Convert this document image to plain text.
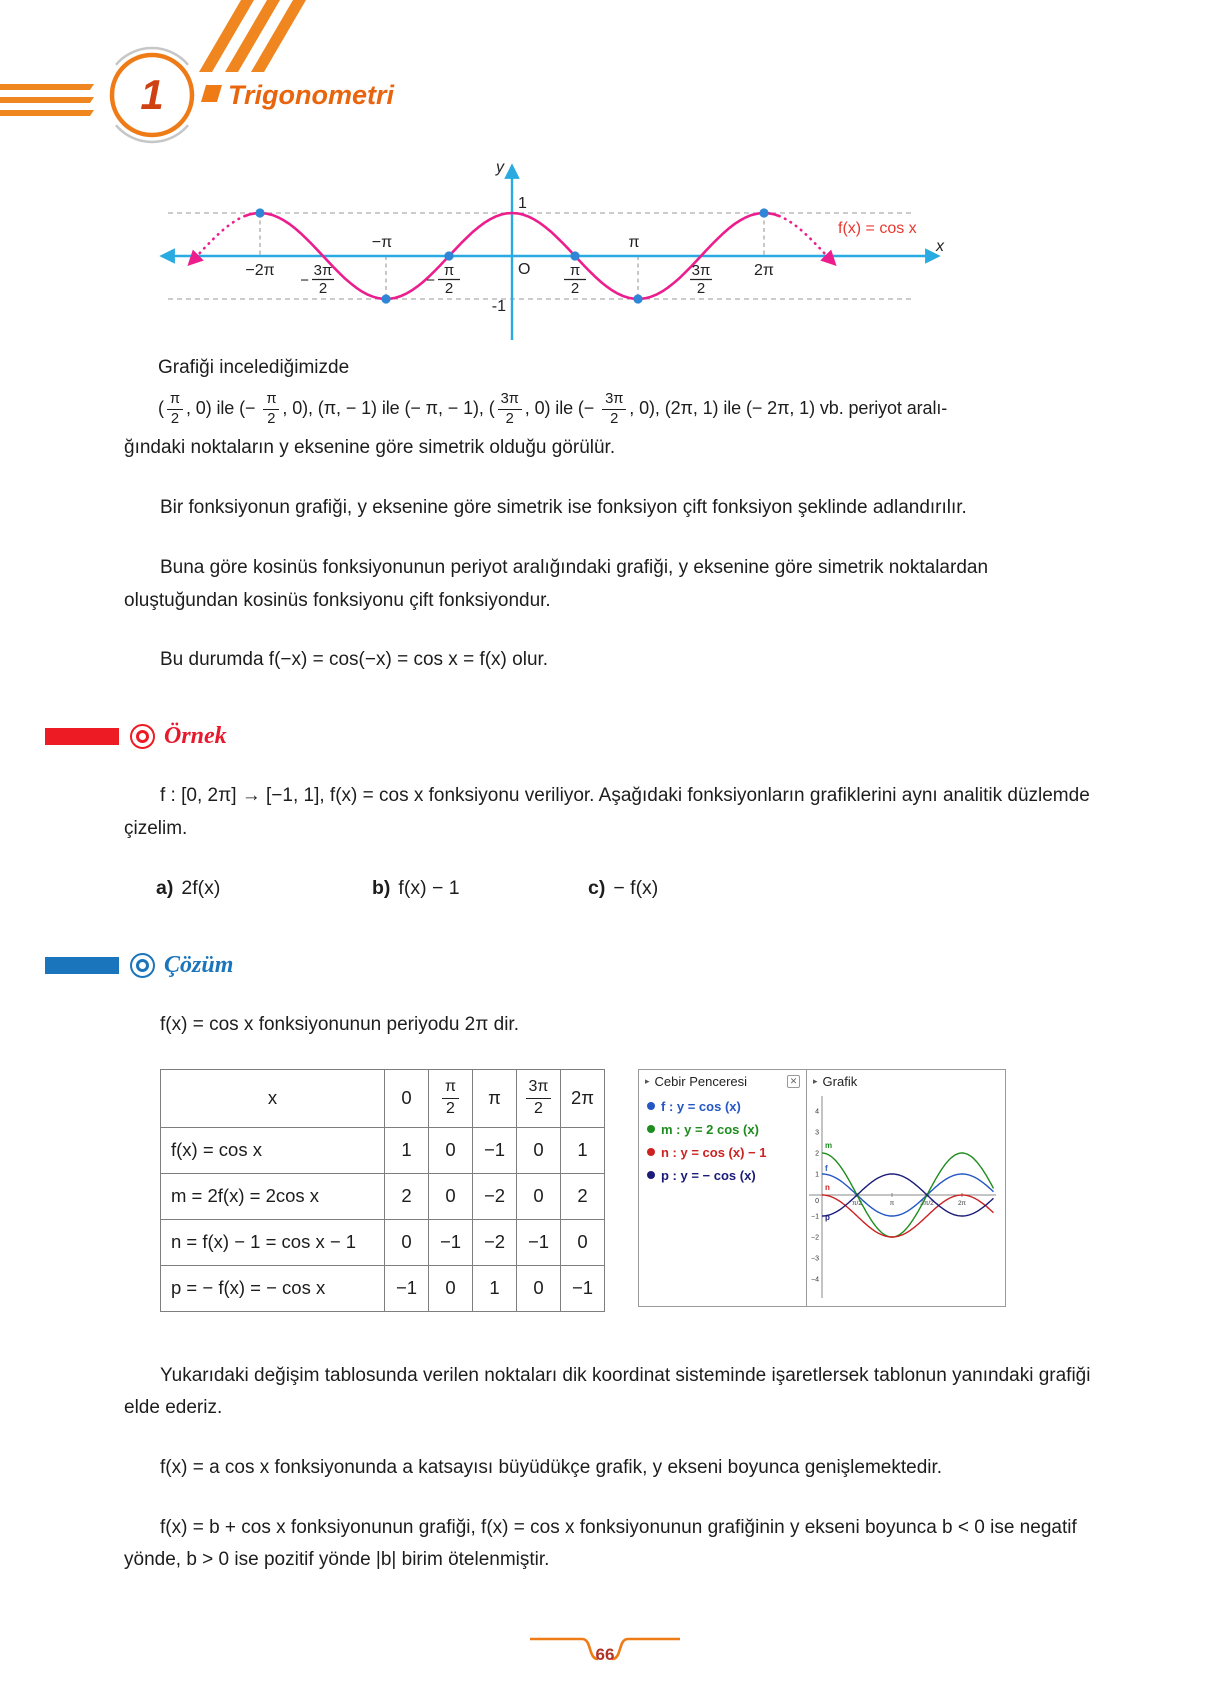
1 Trigonometri
y
x
O
1
-1
−2π
−π	π
2π
f(x) = cos x
−
3π
2	−
π
2
π
2
3π
2
Grafiği incelediğimizde
( $\frac{\pi}{2}$ , 0) ile (− $\frac{\pi}{2}$ , 0), (π, − 1) ile (− π, − 1), ( $\frac{3\pi}{2}$ , 0) ile (− $\frac{3\pi}{2}$ , 0), (2π, 1) ile (− 2π, 1) vb. periyot aralı-
ğındaki noktaların y eksenine göre simetrik olduğu görülür.

Bir fonksiyonun grafiği, y eksenine göre simetrik ise fonksiyon çift fonksiyon şeklinde adlandırılır.

Buna göre kosinüs fonksiyonunun periyot aralığındaki grafiği, y eksenine göre simetrik noktalardan oluştuğundan kosinüs fonksiyonu çift fonksiyondur.

Bu durumda f(−x) = cos(−x) = cos x = f(x) olur.

Örnek

f : [0, 2π] → [−1, 1], f(x) = cos x fonksiyonu veriliyor. Aşağıdaki fonksiyonların grafiklerini aynı analitik düzlemde çizelim.

a) 2f(x)	b) f(x) − 1	c) − f(x)
Çözüm

f(x) = cos x fonksiyonunun periyodu 2π dir.

x	0	$\frac{\pi}{2}$	π	$\frac{3\pi}{2}$	2π
f(x) = cos x	1	0	−1	0	1
m = 2f(x) = 2cos x	2	0	−2	0	2
n = f(x) − 1 = cos x − 1	0	−1	−2	−1	0
p = − f(x) = − cos x	−1	0	1	0	−1
▸ Cebir Penceresi	✕
f : y = cos (x)
m : y = 2 cos (x)
n : y = cos (x) − 1
p : y = − cos (x)
▸ Grafik
π/2	π	3π/2	2π
4
3
2
1
−1
−2
−3
−4
0
m
f
n
p

Yukarıdaki değişim tablosunda verilen noktaları dik koordinat sisteminde işaretlersek tablonun yanındaki grafiği elde ederiz.

f(x) = a cos x fonksiyonunda a katsayısı büyüdükçe grafik, y ekseni boyunca genişlemektedir.

f(x) = b + cos x fonksiyonunun grafiği, f(x) = cos x fonksiyonunun grafiğinin y ekseni boyunca b < 0 ise negatif yönde, b > 0 ise pozitif yönde |b| birim ötelenmiştir.

66
